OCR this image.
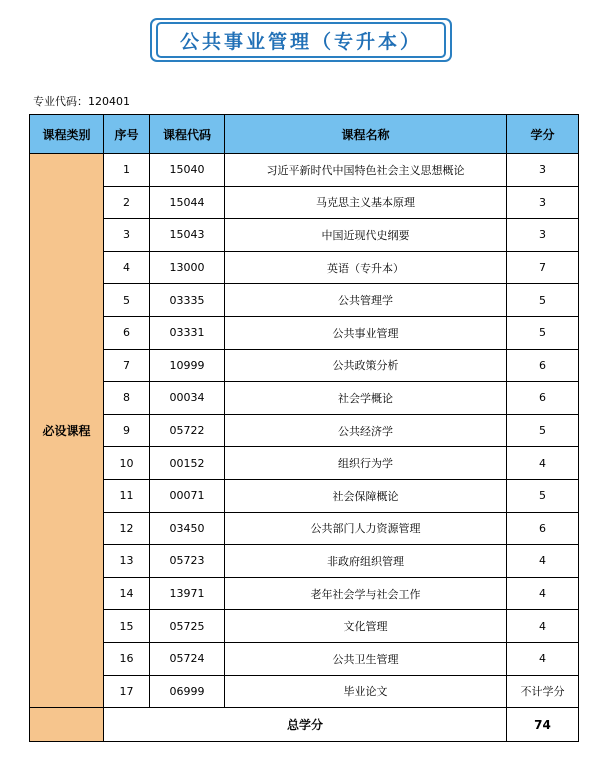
公共事业管理（专升本）
专业代码：120401
课程类别	序号	课程代码	课程名称	学分
必设课程	1	15040	习近平新时代中国特色社会主义思想概论	3
	2	15044	马克思主义基本原理	3
	3	15043	中国近现代史纲要	3
	4	13000	英语（专升本）	7
	5	03335	公共管理学	5
	6	03331	公共事业管理	5
	7	10999	公共政策分析	6
	8	00034	社会学概论	6
	9	05722	公共经济学	5
	10	00152	组织行为学	4
	11	00071	社会保障概论	5
	12	03450	公共部门人力资源管理	6
	13	05723	非政府组织管理	4
	14	13971	老年社会学与社会工作	4
	15	05725	文化管理	4
	16	05724	公共卫生管理	4
	17	06999	毕业论文	不计学分
	总学分			74
